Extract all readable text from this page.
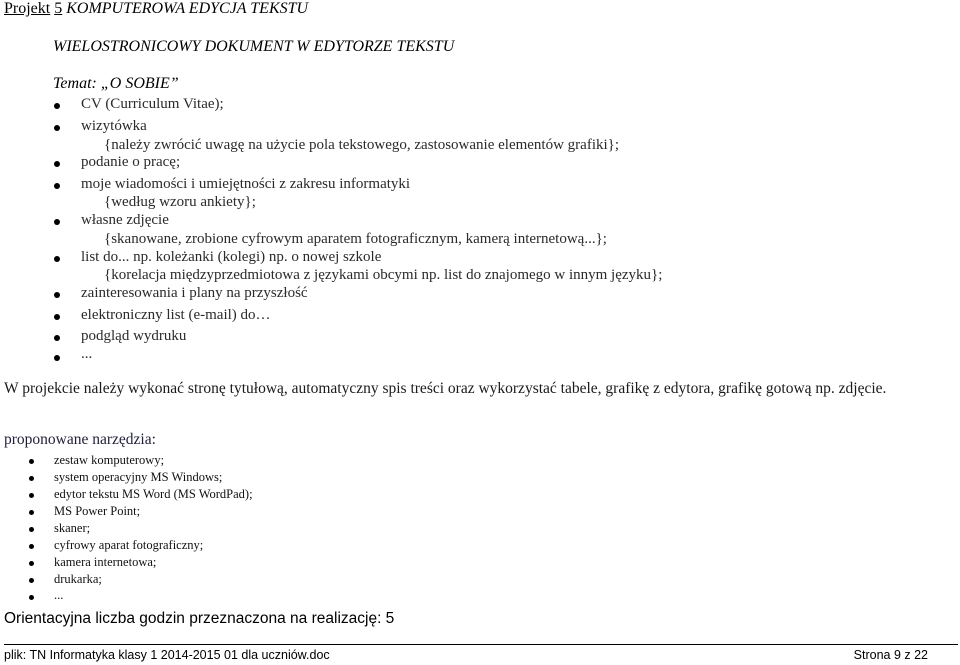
Projekt 5 KOMPUTEROWA EDYCJA TEKSTU
WIELOSTRONICOWY DOKUMENT W EDYTORZE TEKSTU
Temat: „O SOBIE”
CV (Curriculum Vitae);
wizytówka
{należy zwrócić uwagę na użycie pola tekstowego, zastosowanie elementów grafiki};
podanie o pracę;
moje wiadomości i umiejętności z zakresu informatyki
{według wzoru ankiety};
własne zdjęcie
{skanowane, zrobione cyfrowym aparatem fotograficznym, kamerą internetową...};
list do... np. koleżanki (kolegi) np. o nowej szkole
{korelacja międzyprzedmiotowa z językami obcymi np. list do znajomego w innym języku};
zainteresowania i plany na przyszłość
elektroniczny list (e-mail) do…
podgląd wydruku
...
W projekcie należy wykonać stronę tytułową, automatyczny spis treści oraz wykorzystać tabele, grafikę z edytora, grafikę gotową np. zdjęcie.
proponowane narzędzia:
zestaw komputerowy;
system operacyjny MS Windows;
edytor tekstu MS Word (MS WordPad);
MS Power Point;
skaner;
cyfrowy aparat fotograficzny;
kamera internetowa;
drukarka;
...
Orientacyjna liczba godzin przeznaczona na realizację: 5
plik: TN Informatyka klasy 1 2014-2015 01 dla uczniów.doc	Strona 9 z 22
